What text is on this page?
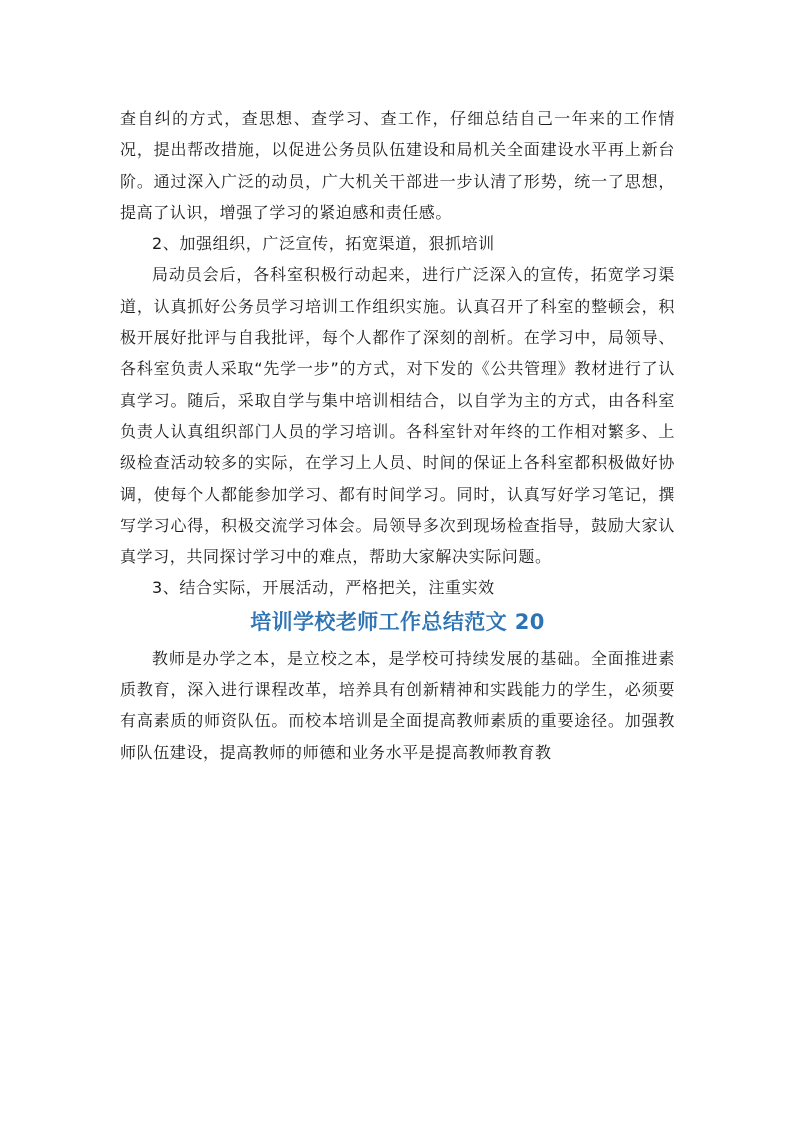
查自纠的方式，查思想、查学习、查工作，仔细总结自己一年来的工作情况，提出帮改措施，以促进公务员队伍建设和局机关全面建设水平再上新台阶。通过深入广泛的动员，广大机关干部进一步认清了形势，统一了思想，提高了认识，增强了学习的紧迫感和责任感。

2、加强组织，广泛宣传，拓宽渠道，狠抓培训

局动员会后，各科室积极行动起来，进行广泛深入的宣传，拓宽学习渠道，认真抓好公务员学习培训工作组织实施。认真召开了科室的整顿会，积极开展好批评与自我批评，每个人都作了深刻的剖析。在学习中，局领导、各科室负责人采取“先学一步”的方式，对下发的《公共管理》教材进行了认真学习。随后，采取自学与集中培训相结合，以自学为主的方式，由各科室负责人认真组织部门人员的学习培训。各科室针对年终的工作相对繁多、上级检查活动较多的实际，在学习上人员、时间的保证上各科室都积极做好协调，使每个人都能参加学习、都有时间学习。同时，认真写好学习笔记，撰写学习心得，积极交流学习体会。局领导多次到现场检查指导，鼓励大家认真学习，共同探讨学习中的难点，帮助大家解决实际问题。

3、结合实际，开展活动，严格把关，注重实效

培训学校老师工作总结范文 20

教师是办学之本，是立校之本，是学校可持续发展的基础。全面推进素质教育，深入进行课程改革，培养具有创新精神和实践能力的学生，必须要有高素质的师资队伍。而校本培训是全面提高教师素质的重要途径。加强教师队伍建设，提高教师的师德和业务水平是提高教师教育教
